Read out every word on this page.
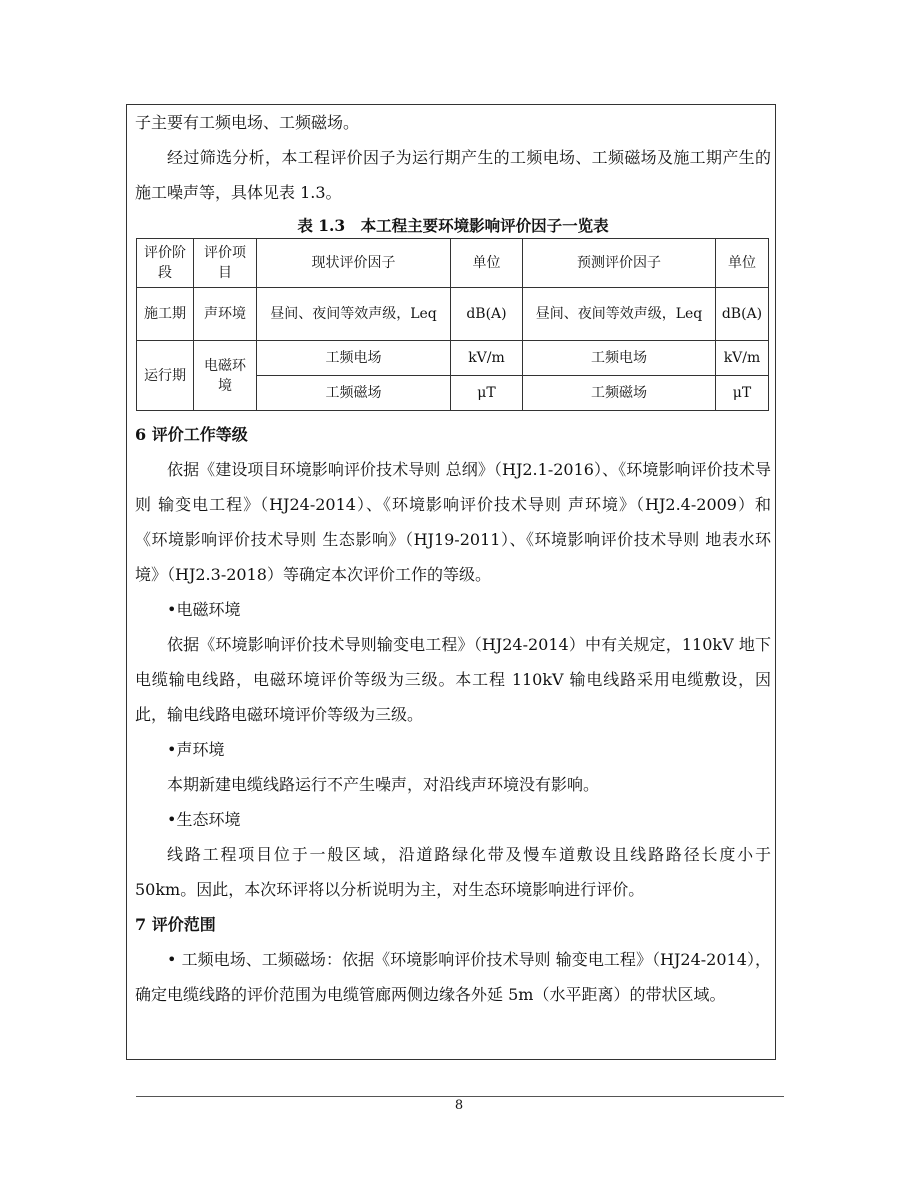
子主要有工频电场、工频磁场。

经过筛选分析，本工程评价因子为运行期产生的工频电场、工频磁场及施工期产生的施工噪声等，具体见表 1.3。

表 1.3　本工程主要环境影响评价因子一览表

评价阶段	评价项目	现状评价因子	单位	预测评价因子	单位
施工期	声环境	昼间、夜间等效声级，Leq	dB(A)	昼间、夜间等效声级，Leq	dB(A)
运行期	电磁环境	工频电场	kV/m	工频电场	kV/m
		工频磁场	μT	工频磁场	μT

6 评价工作等级

依据《建设项目环境影响评价技术导则 总纲》（HJ2.1-2016）、《环境影响评价技术导则 输变电工程》（HJ24-2014）、《环境影响评价技术导则 声环境》（HJ2.4-2009）和《环境影响评价技术导则 生态影响》（HJ19-2011）、《环境影响评价技术导则 地表水环境》（HJ2.3-2018）等确定本次评价工作的等级。

•电磁环境

依据《环境影响评价技术导则输变电工程》（HJ24-2014）中有关规定，110kV 地下电缆输电线路，电磁环境评价等级为三级。本工程 110kV 输电线路采用电缆敷设，因此，输电线路电磁环境评价等级为三级。

•声环境

本期新建电缆线路运行不产生噪声，对沿线声环境没有影响。

•生态环境

线路工程项目位于一般区域，沿道路绿化带及慢车道敷设且线路路径长度小于 50km。因此，本次环评将以分析说明为主，对生态环境影响进行评价。

7 评价范围

• 工频电场、工频磁场：依据《环境影响评价技术导则 输变电工程》（HJ24-2014），确定电缆线路的评价范围为电缆管廊两侧边缘各外延 5m（水平距离）的带状区域。

8
